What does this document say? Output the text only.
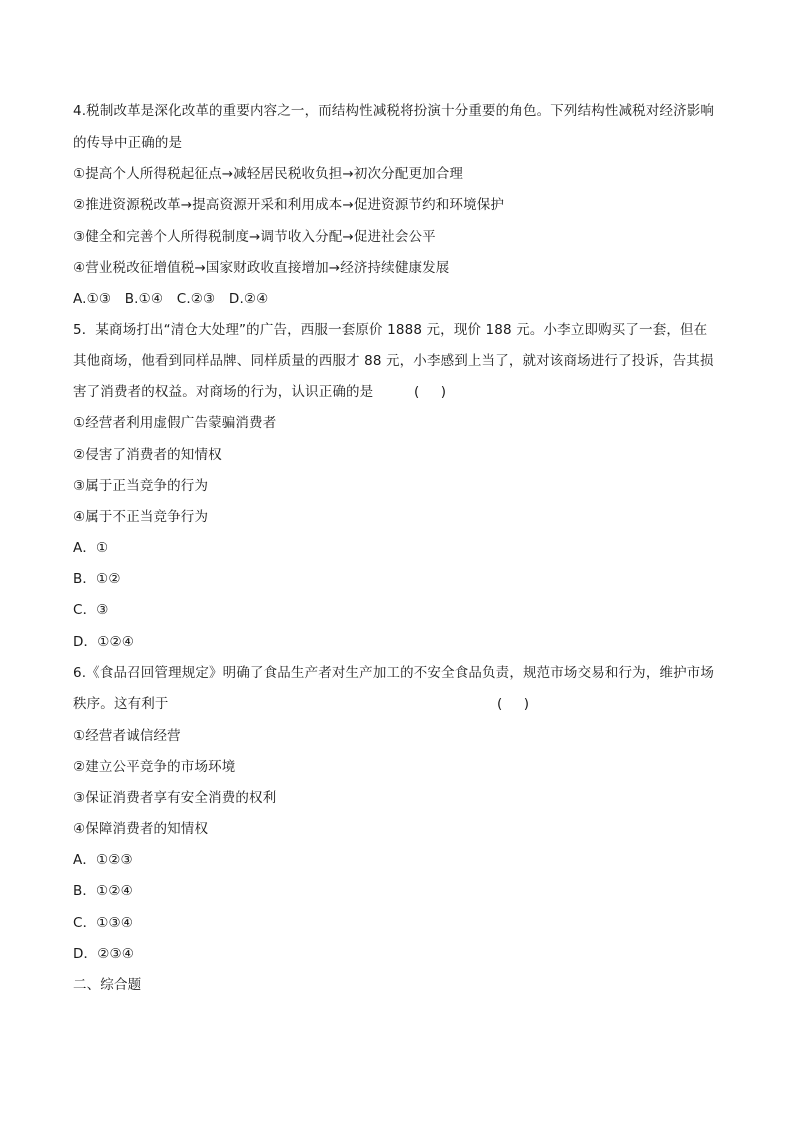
4.税制改革是深化改革的重要内容之一，而结构性减税将扮演十分重要的角色。下列结构性减税对经济影响
的传导中正确的是
①提高个人所得税起征点→减轻居民税收负担→初次分配更加合理
②推进资源税改革→提高资源开采和利用成本→促进资源节约和环境保护
③健全和完善个人所得税制度→调节收入分配→促进社会公平
④营业税改征增值税→国家财政收直接增加→经济持续健康发展
A.①③　B.①④　C.②③　D.②④
5．某商场打出“清仓大处理”的广告，西服一套原价 1888 元，现价 188 元。小李立即购买了一套，但在
其他商场，他看到同样品牌、同样质量的西服才 88 元，小李感到上当了，就对该商场进行了投诉，告其损
害了消费者的权益。对商场的行为，认识正确的是	(     )
①经营者利用虚假广告蒙骗消费者
②侵害了消费者的知情权
③属于正当竞争的行为
④属于不正当竞争行为
A．①
B．①②
C．③
D．①②④
6.《食品召回管理规定》明确了食品生产者对生产加工的不安全食品负责，规范市场交易和行为，维护市场
秩序。这有利于	(     )
①经营者诚信经营
②建立公平竞争的市场环境
③保证消费者享有安全消费的权利
④保障消费者的知情权
A．①②③
B．①②④
C．①③④
D．②③④
二、综合题
